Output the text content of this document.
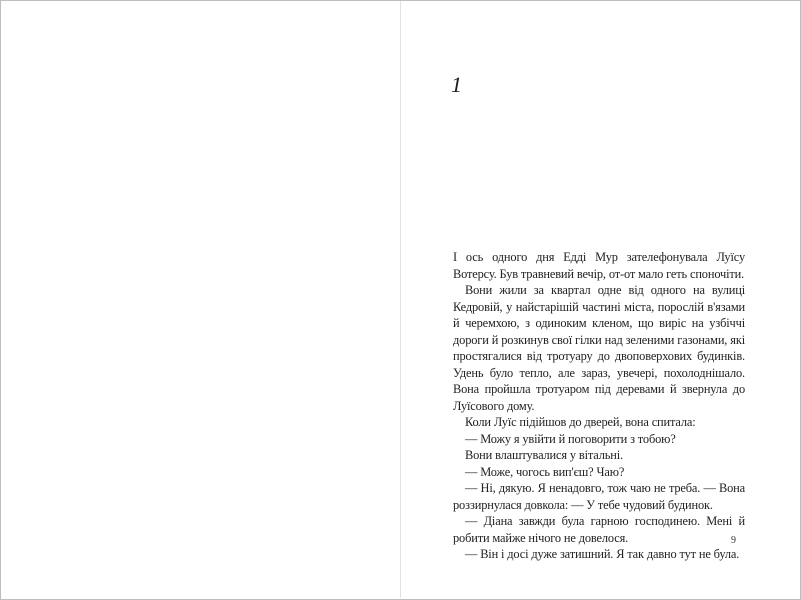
1

І ось одного дня Едді Мур зателефонувала Луїсу Вотерсу. Був травневий вечір, от-от мало геть споночіти.

Вони жили за квартал одне від одного на вулиці Кедровій, у найстарішій частині міста, порослій в'язами й черемхою, з одиноким кленом, що виріс на узбіччі дороги й розкинув свої гілки над зеленими газонами, які простягалися від тротуару до двоповерхових будинків. Удень було тепло, але зараз, увечері, похолоднішало. Вона пройшла тротуаром під деревами й звернула до Луїсового дому.

Коли Луїс підійшов до дверей, вона спитала:

— Можу я увійти й поговорити з тобою?

Вони влаштувалися у вітальні.

— Може, чогось вип'єш? Чаю?

— Ні, дякую. Я ненадовго, тож чаю не треба. — Вона роззирнулася довкола: — У тебе чудовий будинок.

— Діана завжди була гарною господинею. Мені й робити майже нічого не довелося.

— Він і досі дуже затишний. Я так давно тут не була.

9
